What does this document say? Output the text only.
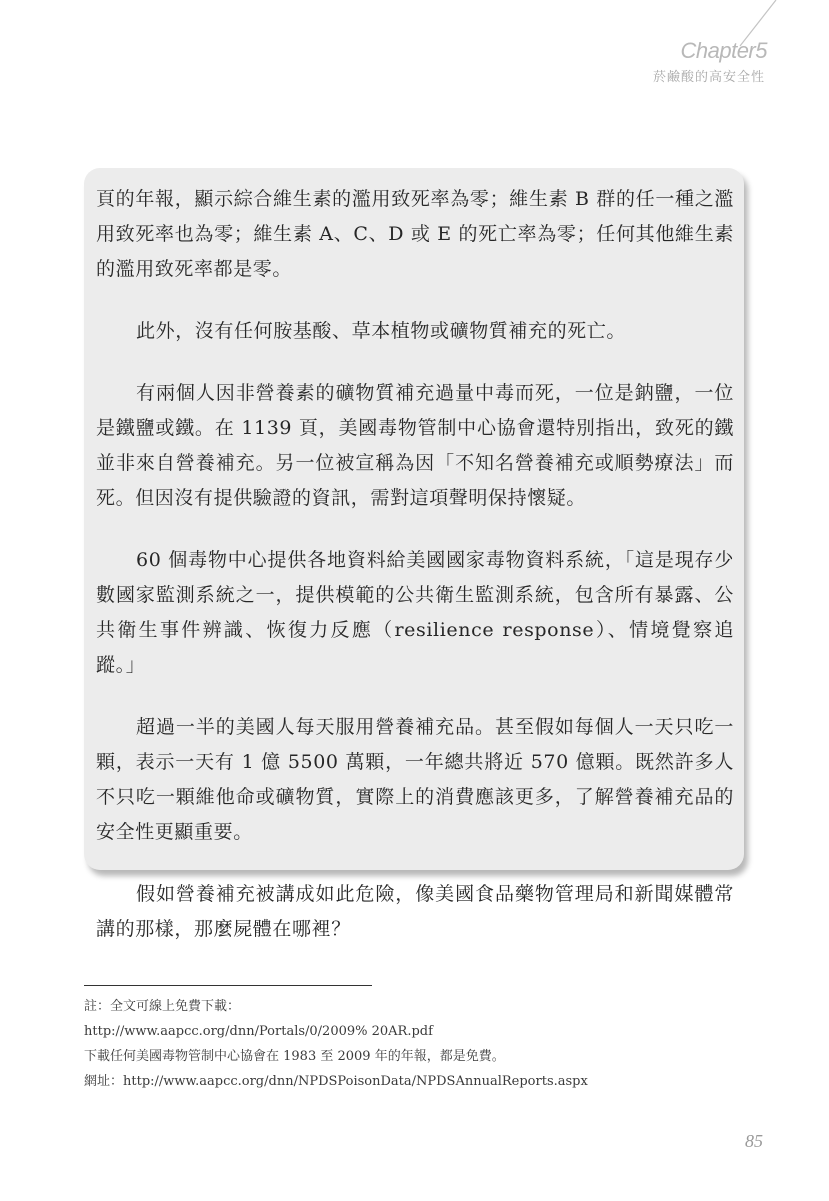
Chapter5
菸鹼酸的高安全性

頁的年報，顯示綜合維生素的濫用致死率為零；維生素 B 群的任一種之濫用致死率也為零；維生素 A、C、D 或 E 的死亡率為零；任何其他維生素的濫用致死率都是零。

此外，沒有任何胺基酸、草本植物或礦物質補充的死亡。

有兩個人因非營養素的礦物質補充過量中毒而死，一位是鈉鹽，一位是鐵鹽或鐵。在 1139 頁，美國毒物管制中心協會還特別指出，致死的鐵並非來自營養補充。另一位被宣稱為因「不知名營養補充或順勢療法」而死。但因沒有提供驗證的資訊，需對這項聲明保持懷疑。

60 個毒物中心提供各地資料給美國國家毒物資料系統，「這是現存少數國家監測系統之一，提供模範的公共衛生監測系統，包含所有暴露、公共衛生事件辨識、恢復力反應（resilience response）、情境覺察追蹤。」

超過一半的美國人每天服用營養補充品。甚至假如每個人一天只吃一顆，表示一天有 1 億 5500 萬顆，一年總共將近 570 億顆。既然許多人不只吃一顆維他命或礦物質，實際上的消費應該更多，了解營養補充品的安全性更顯重要。

假如營養補充被講成如此危險，像美國食品藥物管理局和新聞媒體常講的那樣，那麼屍體在哪裡？

註：全文可線上免費下載：
http://www.aapcc.org/dnn/Portals/0/2009% 20AR.pdf
下載任何美國毒物管制中心協會在 1983 至 2009 年的年報，都是免費。
網址：http://www.aapcc.org/dnn/NPDSPoisonData/NPDSAnnualReports.aspx
85
